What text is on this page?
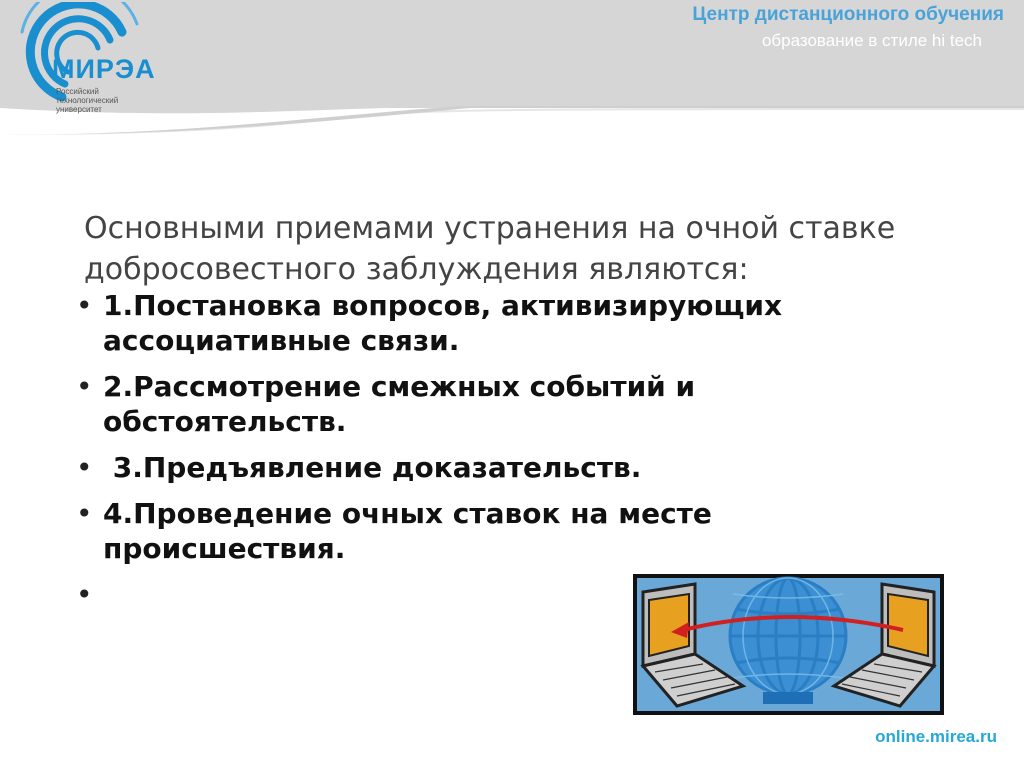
МИРЭА
Российский
технологический
университет
Центр дистанционного обучения
образование в стиле hi tech
Основными приемами устранения на очной ставке добросовестного заблуждения являются:
• 1.Постановка вопросов, активизирующих ассоциативные связи.
• 2.Рассмотрение смежных событий и обстоятельств.
• 3.Предъявление доказательств.
• 4.Проведение очных ставок на месте происшествия.
•
online.mirea.ru
